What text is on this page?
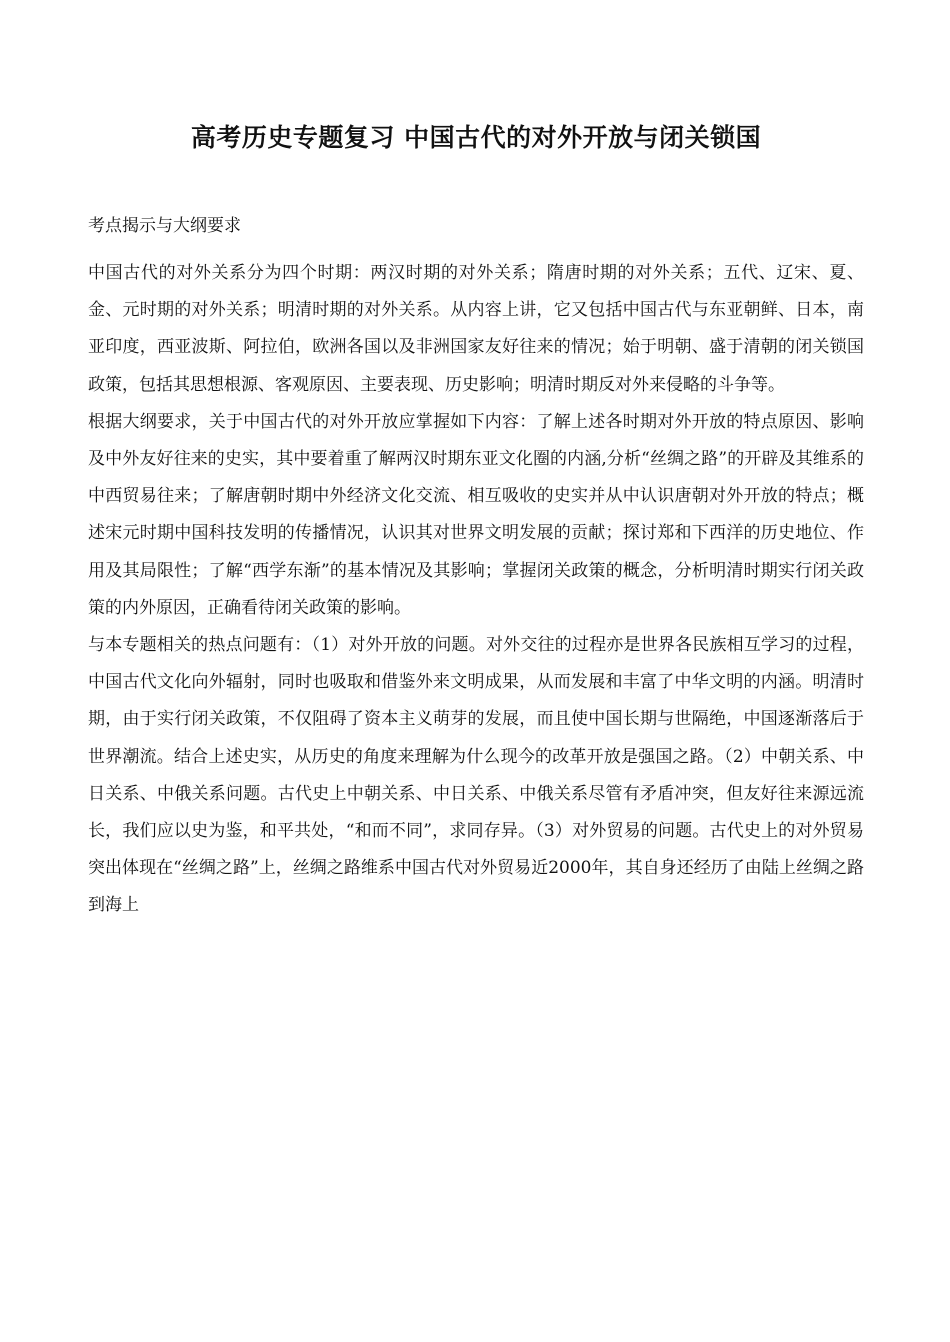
高考历史专题复习 中国古代的对外开放与闭关锁国

考点揭示与大纲要求

中国古代的对外关系分为四个时期：两汉时期的对外关系；隋唐时期的对外关系；五代、辽宋、夏、金、元时期的对外关系；明清时期的对外关系。从内容上讲，它又包括中国古代与东亚朝鲜、日本，南亚印度，西亚波斯、阿拉伯，欧洲各国以及非洲国家友好往来的情况；始于明朝、盛于清朝的闭关锁国政策，包括其思想根源、客观原因、主要表现、历史影响；明清时期反对外来侵略的斗争等。

根据大纲要求，关于中国古代的对外开放应掌握如下内容：了解上述各时期对外开放的特点原因、影响及中外友好往来的史实，其中要着重了解两汉时期东亚文化圈的内涵,分析“丝绸之路”的开辟及其维系的中西贸易往来；了解唐朝时期中外经济文化交流、相互吸收的史实并从中认识唐朝对外开放的特点；概述宋元时期中国科技发明的传播情况，认识其对世界文明发展的贡献；探讨郑和下西洋的历史地位、作用及其局限性；了解“西学东渐”的基本情况及其影响；掌握闭关政策的概念，分析明清时期实行闭关政策的内外原因，正确看待闭关政策的影响。

与本专题相关的热点问题有：（1）对外开放的问题。对外交往的过程亦是世界各民族相互学习的过程，中国古代文化向外辐射，同时也吸取和借鉴外来文明成果，从而发展和丰富了中华文明的内涵。明清时期，由于实行闭关政策，不仅阻碍了资本主义萌芽的发展，而且使中国长期与世隔绝，中国逐渐落后于世界潮流。结合上述史实，从历史的角度来理解为什么现今的改革开放是强国之路。（2）中朝关系、中日关系、中俄关系问题。古代史上中朝关系、中日关系、中俄关系尽管有矛盾冲突，但友好往来源远流长，我们应以史为鉴，和平共处，“和而不同”，求同存异。（3）对外贸易的问题。古代史上的对外贸易突出体现在“丝绸之路”上，丝绸之路维系中国古代对外贸易近2000年，其自身还经历了由陆上丝绸之路到海上
